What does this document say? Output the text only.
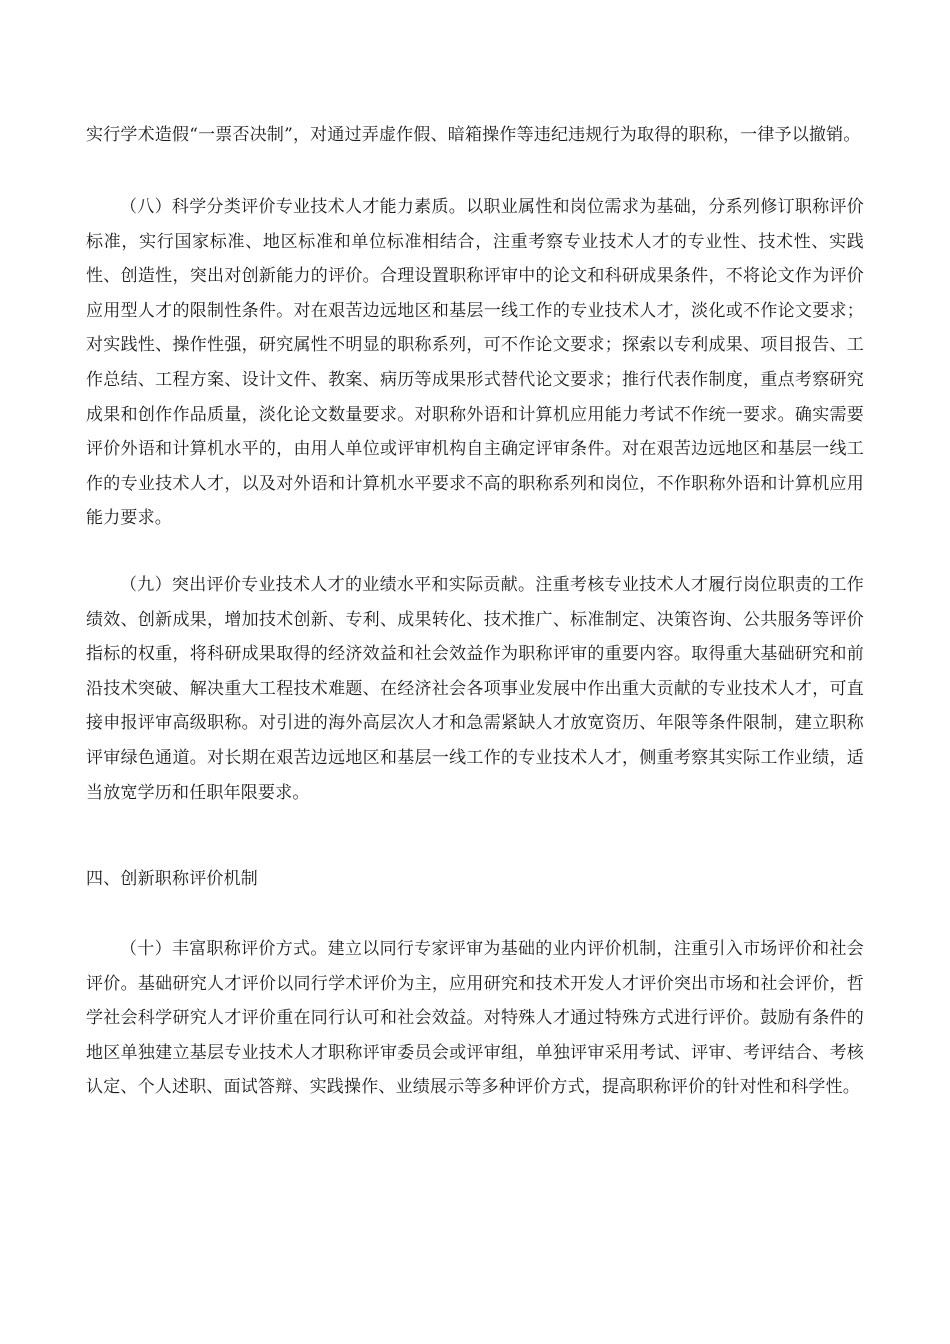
实行学术造假“一票否决制”，对通过弄虚作假、暗箱操作等违纪违规行为取得的职称，一律予以撤销。

（八）科学分类评价专业技术人才能力素质。以职业属性和岗位需求为基础，分系列修订职称评价标准，实行国家标准、地区标准和单位标准相结合，注重考察专业技术人才的专业性、技术性、实践性、创造性，突出对创新能力的评价。合理设置职称评审中的论文和科研成果条件，不将论文作为评价应用型人才的限制性条件。对在艰苦边远地区和基层一线工作的专业技术人才，淡化或不作论文要求；对实践性、操作性强，研究属性不明显的职称系列，可不作论文要求；探索以专利成果、项目报告、工作总结、工程方案、设计文件、教案、病历等成果形式替代论文要求；推行代表作制度，重点考察研究成果和创作作品质量，淡化论文数量要求。对职称外语和计算机应用能力考试不作统一要求。确实需要评价外语和计算机水平的，由用人单位或评审机构自主确定评审条件。对在艰苦边远地区和基层一线工作的专业技术人才，以及对外语和计算机水平要求不高的职称系列和岗位，不作职称外语和计算机应用能力要求。

（九）突出评价专业技术人才的业绩水平和实际贡献。注重考核专业技术人才履行岗位职责的工作绩效、创新成果，增加技术创新、专利、成果转化、技术推广、标准制定、决策咨询、公共服务等评价指标的权重，将科研成果取得的经济效益和社会效益作为职称评审的重要内容。取得重大基础研究和前沿技术突破、解决重大工程技术难题、在经济社会各项事业发展中作出重大贡献的专业技术人才，可直接申报评审高级职称。对引进的海外高层次人才和急需紧缺人才放宽资历、年限等条件限制，建立职称评审绿色通道。对长期在艰苦边远地区和基层一线工作的专业技术人才，侧重考察其实际工作业绩，适当放宽学历和任职年限要求。

四、创新职称评价机制

（十）丰富职称评价方式。建立以同行专家评审为基础的业内评价机制，注重引入市场评价和社会评价。基础研究人才评价以同行学术评价为主，应用研究和技术开发人才评价突出市场和社会评价，哲学社会科学研究人才评价重在同行认可和社会效益。对特殊人才通过特殊方式进行评价。鼓励有条件的地区单独建立基层专业技术人才职称评审委员会或评审组，单独评审采用考试、评审、考评结合、考核认定、个人述职、面试答辩、实践操作、业绩展示等多种评价方式，提高职称评价的针对性和科学性。
